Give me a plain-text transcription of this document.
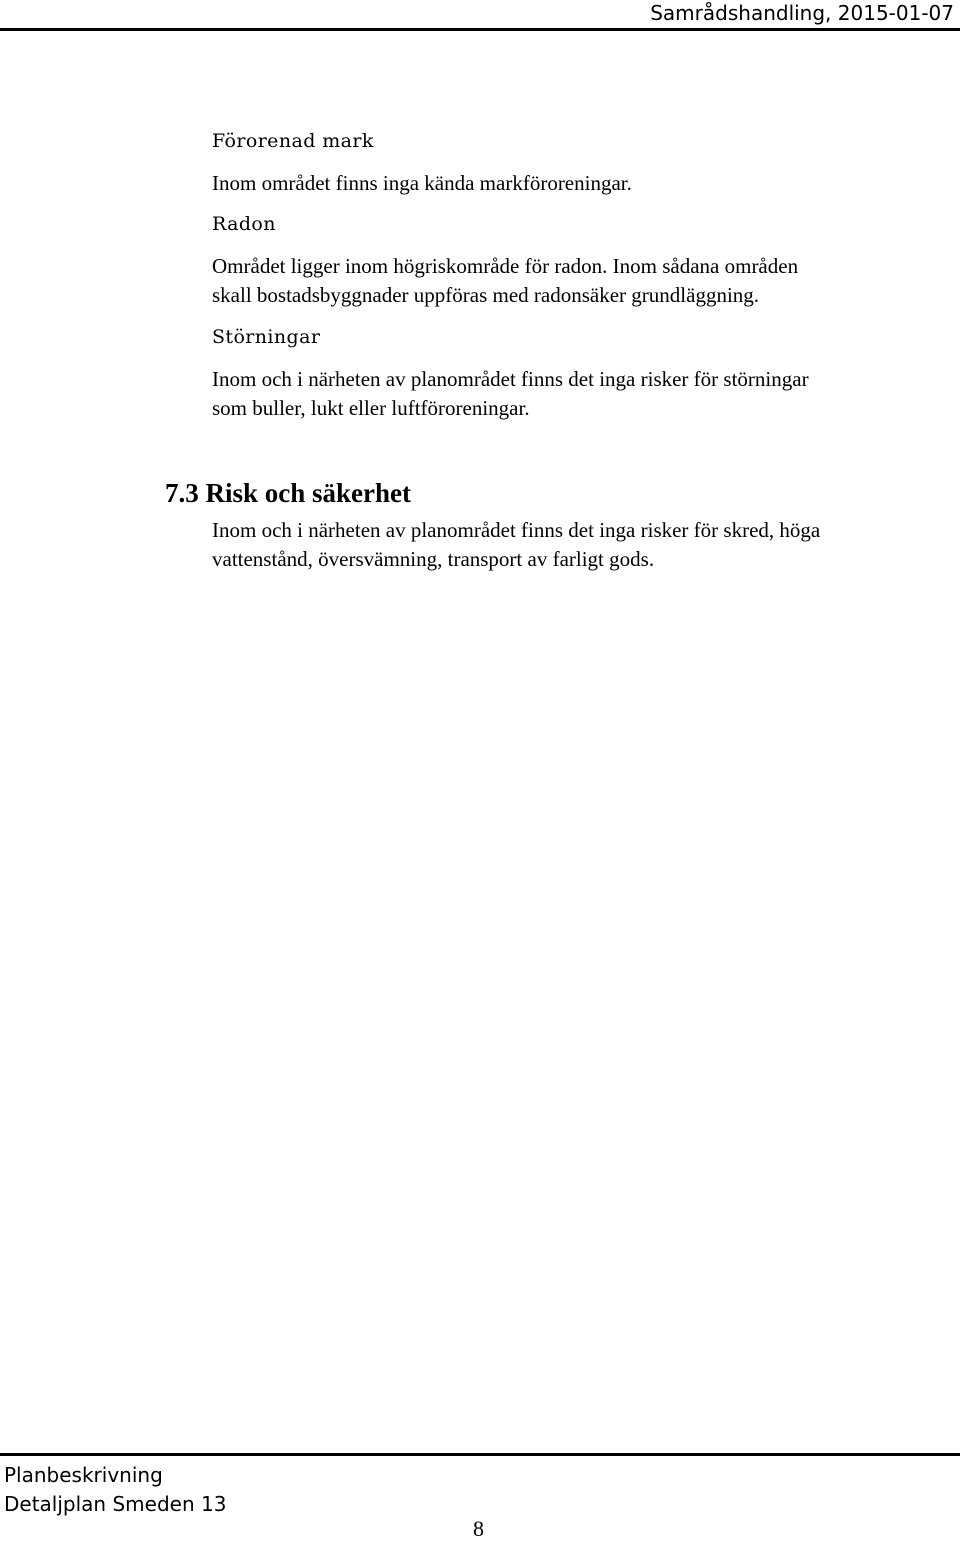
Samrådshandling, 2015-01-07
Förorenad mark
Inom området finns inga kända markföroreningar.
Radon
Området ligger inom högriskområde för radon. Inom sådana områden
skall bostadsbyggnader uppföras med radonsäker grundläggning.
Störningar
Inom och i närheten av planområdet finns det inga risker för störningar
som buller, lukt eller luftföroreningar.
7.3 Risk och säkerhet
Inom och i närheten av planområdet finns det inga risker för skred, höga
vattenstånd, översvämning, transport av farligt gods.
Planbeskrivning
Detaljplan Smeden 13
8
